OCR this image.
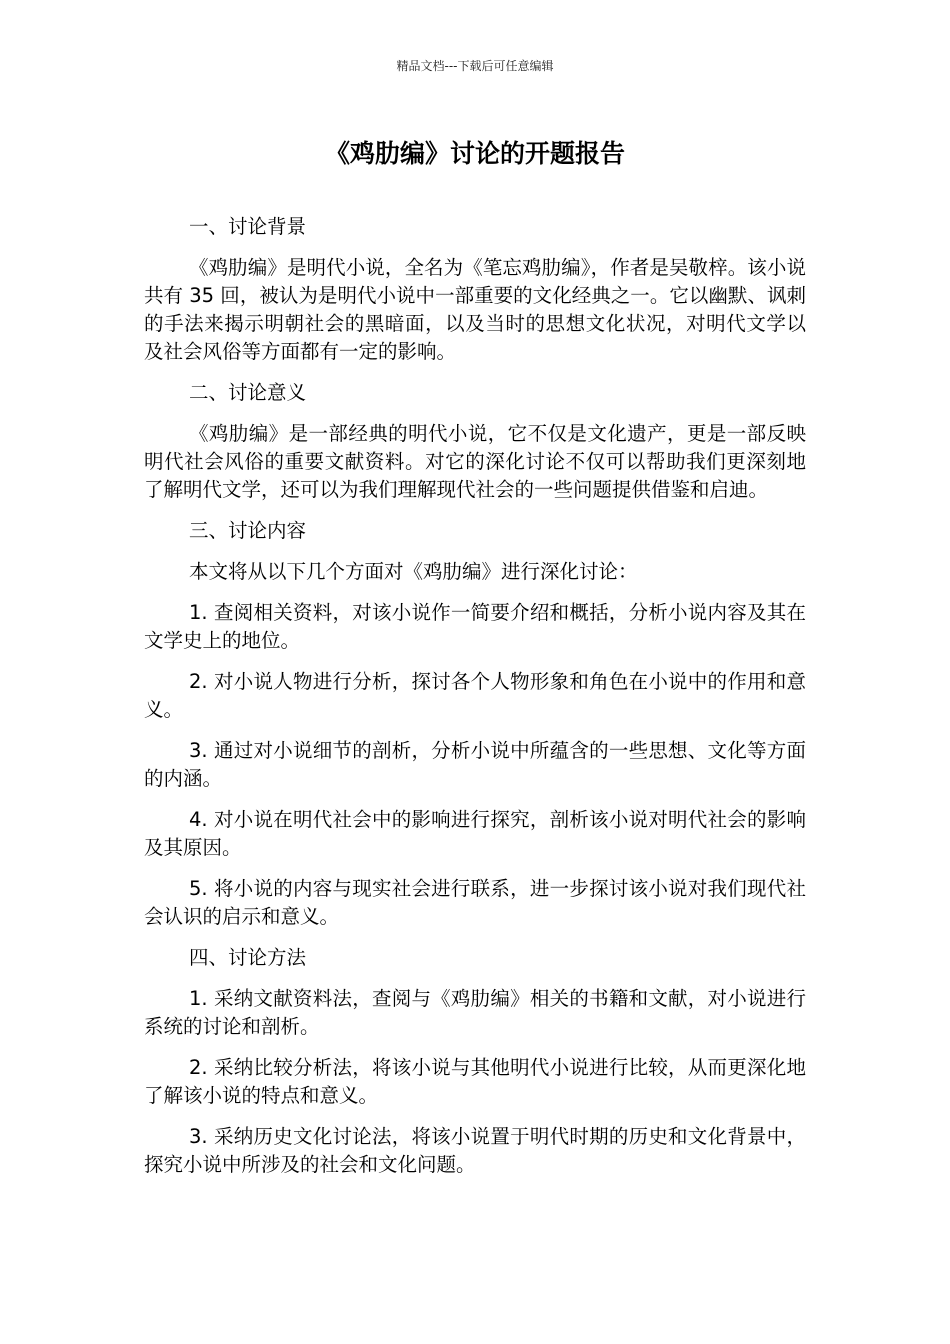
精品文档---下载后可任意编辑
《鸡肋编》讨论的开题报告

一、讨论背景

《鸡肋编》是明代小说，全名为《笔忘鸡肋编》，作者是吴敬梓。该小说共有 35 回，被认为是明代小说中一部重要的文化经典之一。它以幽默、讽刺的手法来揭示明朝社会的黑暗面，以及当时的思想文化状况，对明代文学以及社会风俗等方面都有一定的影响。

二、讨论意义

《鸡肋编》是一部经典的明代小说，它不仅是文化遗产，更是一部反映明代社会风俗的重要文献资料。对它的深化讨论不仅可以帮助我们更深刻地了解明代文学，还可以为我们理解现代社会的一些问题提供借鉴和启迪。

三、讨论内容

本文将从以下几个方面对《鸡肋编》进行深化讨论：

1. 查阅相关资料，对该小说作一简要介绍和概括，分析小说内容及其在文学史上的地位。

2. 对小说人物进行分析，探讨各个人物形象和角色在小说中的作用和意义。

3. 通过对小说细节的剖析，分析小说中所蕴含的一些思想、文化等方面的内涵。

4. 对小说在明代社会中的影响进行探究，剖析该小说对明代社会的影响及其原因。

5. 将小说的内容与现实社会进行联系，进一步探讨该小说对我们现代社会认识的启示和意义。

四、讨论方法

1. 采纳文献资料法，查阅与《鸡肋编》相关的书籍和文献，对小说进行系统的讨论和剖析。

2. 采纳比较分析法，将该小说与其他明代小说进行比较，从而更深化地了解该小说的特点和意义。

3. 采纳历史文化讨论法，将该小说置于明代时期的历史和文化背景中，探究小说中所涉及的社会和文化问题。
